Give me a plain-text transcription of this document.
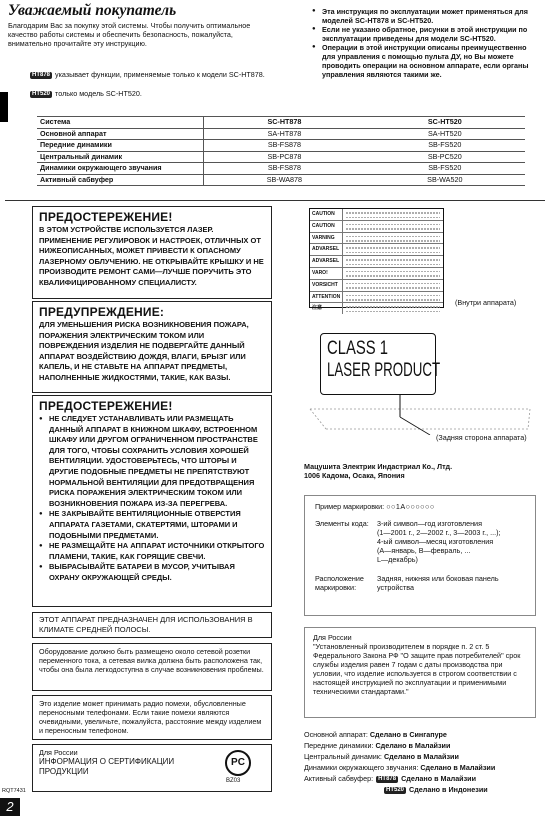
Уважаемый покупатель
Благодарим Вас за покупку этой системы. Чтобы получить оптимальное качество работы системы и обеспечить безопасность, пожалуйста, внимательно прочитайте эту инструкцию.
HT878 указывает функции, применяемые только к модели SC-HT878.
HT520 только модель SC-HT520.
● Эта инструкция по эксплуатации может применяться для моделей SC-HT878 и SC-HT520.
● Если не указано обратное, рисунки в этой инструкции по эксплуатации приведены для модели SC-HT520.
● Операции в этой инструкции описаны преимущественно для управления с помощью пульта ДУ, но Вы можете проводить операции на основном аппарате, если органы управления являются такими же.
Система	SC-HT878	SC-HT520
Основной аппарат	SA-HT878	SA-HT520
Передние динамики	SB-FS878	SB-FS520
Центральный динамик	SB-PC878	SB-PC520
Динамики окружающего звучания	SB-FS878	SB-FS520
Активный сабвуфер	SB-WA878	SB-WA520
ПРЕДОСТЕРЕЖЕНИЕ!
В ЭТОМ УСТРОЙСТВЕ ИСПОЛЬЗУЕТСЯ ЛАЗЕР. ПРИМЕНЕНИЕ РЕГУЛИРОВОК И НАСТРОЕК, ОТЛИЧНЫХ ОТ НИЖЕОПИСАННЫХ, МОЖЕТ ПРИВЕСТИ К ОПАСНОМУ ЛАЗЕРНОМУ ОБЛУЧЕНИЮ. НЕ ОТКРЫВАЙТЕ КРЫШКУ И НЕ ПРОИЗВОДИТЕ РЕМОНТ САМИ—ЛУЧШЕ ПОРУЧИТЬ ЭТО КВАЛИФИЦИРОВАННОМУ СПЕЦИАЛИСТУ.
ПРЕДУПРЕЖДЕНИЕ:
ДЛЯ УМЕНЬШЕНИЯ РИСКА ВОЗНИКНОВЕНИЯ ПОЖАРА, ПОРАЖЕНИЯ ЭЛЕКТРИЧЕСКИМ ТОКОМ ИЛИ ПОВРЕЖДЕНИЯ ИЗДЕЛИЯ НЕ ПОДВЕРГАЙТЕ ДАННЫЙ АППАРАТ ВОЗДЕЙСТВИЮ ДОЖДЯ, ВЛАГИ, БРЫЗГ ИЛИ КАПЕЛЬ, И НЕ СТАВЬТЕ НА АППАРАТ ПРЕДМЕТЫ, НАПОЛНЕННЫЕ ЖИДКОСТЯМИ, ТАКИЕ, КАК ВАЗЫ.
ПРЕДОСТЕРЕЖЕНИЕ!
● НЕ СЛЕДУЕТ УСТАНАВЛИВАТЬ ИЛИ РАЗМЕЩАТЬ ДАННЫЙ АППАРАТ В КНИЖНОМ ШКАФУ, ВСТРОЕННОМ ШКАФУ ИЛИ ДРУГОМ ОГРАНИЧЕННОМ ПРОСТРАНСТВЕ ДЛЯ ТОГО, ЧТОБЫ СОХРАНИТЬ УСЛОВИЯ ХОРОШЕЙ ВЕНТИЛЯЦИИ. УДОСТОВЕРЬТЕСЬ, ЧТО ШТОРЫ И ДРУГИЕ ПОДОБНЫЕ ПРЕДМЕТЫ НЕ ПРЕПЯТСТВУЮТ НОРМАЛЬНОЙ ВЕНТИЛЯЦИИ ДЛЯ ПРЕДОТВРАЩЕНИЯ РИСКА ПОРАЖЕНИЯ ЭЛЕКТРИЧЕСКИМ ТОКОМ ИЛИ ВОЗНИКНОВЕНИЯ ПОЖАРА ИЗ-ЗА ПЕРЕГРЕВА.
● НЕ ЗАКРЫВАЙТЕ ВЕНТИЛЯЦИОННЫЕ ОТВЕРСТИЯ АППАРАТА ГАЗЕТАМИ, СКАТЕРТЯМИ, ШТОРАМИ И ПОДОБНЫМИ ПРЕДМЕТАМИ.
● НЕ РАЗМЕЩАЙТЕ НА АППАРАТ ИСТОЧНИКИ ОТКРЫТОГО ПЛАМЕНИ, ТАКИЕ, КАК ГОРЯЩИЕ СВЕЧИ.
● ВЫБРАСЫВАЙТЕ БАТАРЕИ В МУСОР, УЧИТЫВАЯ ОХРАНУ ОКРУЖАЮЩЕЙ СРЕДЫ.
ЭТОТ АППАРАТ ПРЕДНАЗНАЧЕН ДЛЯ ИСПОЛЬЗОВАНИЯ В КЛИМАТЕ СРЕДНЕЙ ПОЛОСЫ.
Оборудование должно быть размещено около сетевой розетки переменного тока, а сетевая вилка должна быть расположена так, чтобы она была легкодоступна в случае возникновения проблемы.
Это изделие может принимать радио помехи, обусловленные переносными телефонами. Если такие помехи являются очевидными, увеличьте, пожалуйста, расстояние между изделием и переносным телефоном.
Для России
ИНФОРМАЦИЯ О СЕРТИФИКАЦИИ ПРОДУКЦИИ
PC
BZ03
RQT7431
2
CAUTION
CAUTION
VARNING
ADVARSEL
ADVARSEL
VARO!
VORSICHT
ATTENTION
注意
(Внутри аппарата)
CLASS 1
LASER PRODUCT
(Задняя сторона аппарата)
Мацушита Электрик Индастриал Ко., Лтд.
1006 Кадома, Осака, Япония
Пример маркировки: ○○1A○○○○○○
Элементы кода: 3-ий символ—год изготовления
(1—2001 г., 2—2002 г., 3—2003 г., ...);
4-ый символ—месяц изготовления
(A—январь, B—февраль, ...
L—декабрь)
Расположение маркировки:
Задняя, нижняя или боковая панель устройства
Для России
"Установленный производителем в порядке п. 2 ст. 5 Федерального Закона РФ "О защите прав потребителей" срок службы изделия равен 7 годам с даты производства при условии, что изделие используется в строгом соответствии с настоящей инструкцией по эксплуатации и применимыми техническими стандартами."
Основной аппарат: Сделано в Сингапуре
Передние динамики: Сделано в Малайзии
Центральный динамик: Сделано в Малайзии
Динамики окружающего звучания: Сделано в Малайзии
Активный сабвуфер: HT878 Сделано в Малайзии
HT520 Сделано в Индонезии
